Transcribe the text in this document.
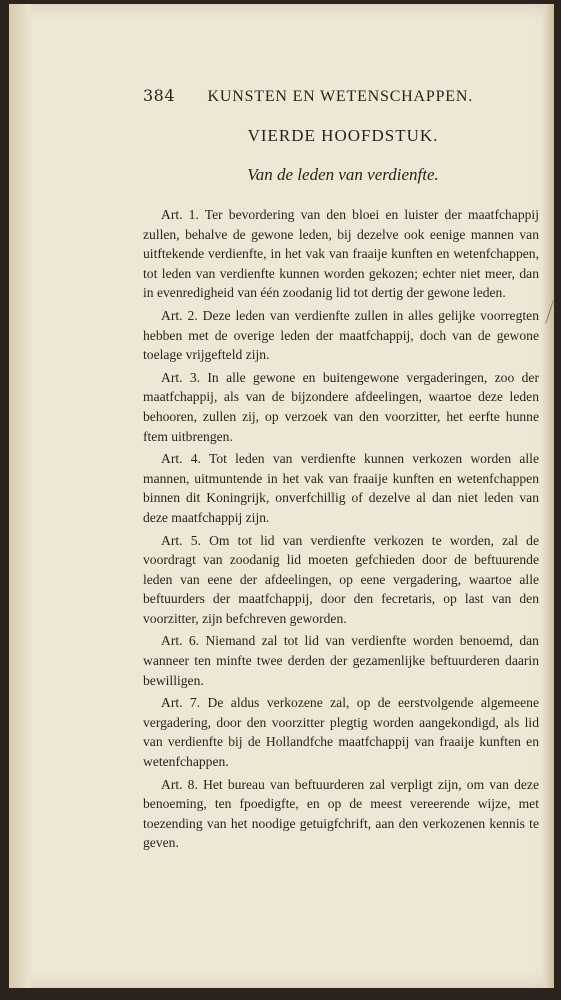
384 KUNSTEN EN WETENSCHAPPEN.
VIERDE HOOFDSTUK.
Van de leden van verdienfte.

Art. 1. Ter bevordering van den bloei en luister der maatfchappij zullen, behalve de gewone leden, bij dezelve ook eenige mannen van uitftekende verdienfte, in het vak van fraaije kunften en wetenfchappen, tot leden van verdienfte kunnen worden gekozen; echter niet meer, dan in evenredigheid van één zoodanig lid tot dertig der gewone leden.

Art. 2. Deze leden van verdienfte zullen in alles gelijke voorregten hebben met de overige leden der maatfchappij, doch van de gewone toelage vrijgefteld zijn.

Art. 3. In alle gewone en buitengewone vergaderingen, zoo der maatfchappij, als van de bijzondere afdeelingen, waartoe deze leden behooren, zullen zij, op verzoek van den voorzitter, het eerfte hunne ftem uitbrengen.

Art. 4. Tot leden van verdienfte kunnen verkozen worden alle mannen, uitmuntende in het vak van fraaije kunften en wetenfchappen binnen dit Koningrijk, onverfchillig of dezelve al dan niet leden van deze maatfchappij zijn.

Art. 5. Om tot lid van verdienfte verkozen te worden, zal de voordragt van zoodanig lid moeten gefchieden door de beftuurende leden van eene der afdeelingen, op eene vergadering, waartoe alle beftuurders der maatfchappij, door den fecretaris, op last van den voorzitter, zijn befchreven geworden.

Art. 6. Niemand zal tot lid van verdienfte worden benoemd, dan wanneer ten minfte twee derden der gezamenlijke beftuurderen daarin bewilligen.

Art. 7. De aldus verkozene zal, op de eerstvolgende algemeene vergadering, door den voorzitter plegtig worden aangekondigd, als lid van verdienfte bij de Hollandfche maatfchappij van fraaije kunften en wetenfchappen.

Art. 8. Het bureau van beftuurderen zal verpligt zijn, om van deze benoeming, ten fpoedigfte, en op de meest vereerende wijze, met toezending van het noodige getuigfchrift, aan den verkozenen kennis te geven.
